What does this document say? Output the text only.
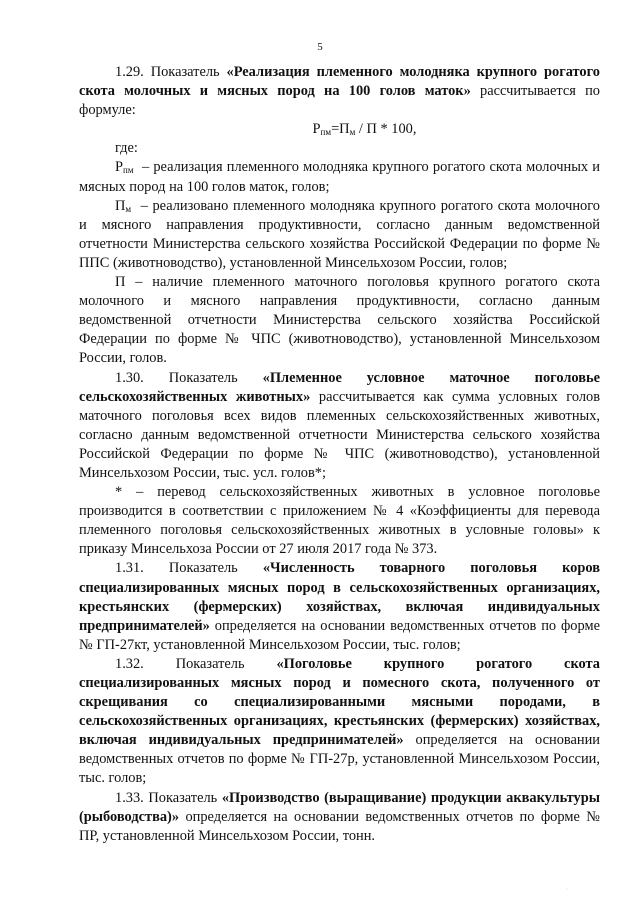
5

1.29. Показатель «Реализация племенного молодняка крупного рогатого скота молочных и мясных пород на 100 голов маток» рассчитывается по формуле:

$Р_{пм}=П_м / П * 100$,

где:

$Р_{пм}$ – реализация племенного молодняка крупного рогатого скота молочных и мясных пород на 100 голов маток, голов;

$П_м$ – реализовано племенного молодняка крупного рогатого скота молочного и мясного направления продуктивности, согласно данным ведомственной отчетности Министерства сельского хозяйства Российской Федерации по форме № ППС (животноводство), установленной Минсельхозом России, голов;

П – наличие племенного маточного поголовья крупного рогатого скота молочного и мясного направления продуктивности, согласно данным ведомственной отчетности Министерства сельского хозяйства Российской Федерации по форме № ЧПС (животноводство), установленной Минсельхозом России, голов.

1.30. Показатель «Племенное условное маточное поголовье сельскохозяйственных животных» рассчитывается как сумма условных голов маточного поголовья всех видов племенных сельскохозяйственных животных, согласно данным ведомственной отчетности Министерства сельского хозяйства Российской Федерации по форме № ЧПС (животноводство), установленной Минсельхозом России, тыс. усл. голов*;

* – перевод сельскохозяйственных животных в условное поголовье производится в соответствии с приложением № 4 «Коэффициенты для перевода племенного поголовья сельскохозяйственных животных в условные головы» к приказу Минсельхоза России от 27 июля 2017 года № 373.

1.31. Показатель «Численность товарного поголовья коров специализированных мясных пород в сельскохозяйственных организациях, крестьянских (фермерских) хозяйствах, включая индивидуальных предпринимателей» определяется на основании ведомственных отчетов по форме № ГП-27кт, установленной Минсельхозом России, тыс. голов;

1.32. Показатель «Поголовье крупного рогатого скота специализированных мясных пород и помесного скота, полученного от скрещивания со специализированными мясными породами, в сельскохозяйственных организациях, крестьянских (фермерских) хозяйствах, включая индивидуальных предпринимателей» определяется на основании ведомственных отчетов по форме № ГП-27р, установленной Минсельхозом России, тыс. голов;

1.33. Показатель «Производство (выращивание) продукции аквакультуры (рыбоводства)» определяется на основании ведомственных отчетов по форме № ПР, установленной Минсельхозом России, тонн.

·
